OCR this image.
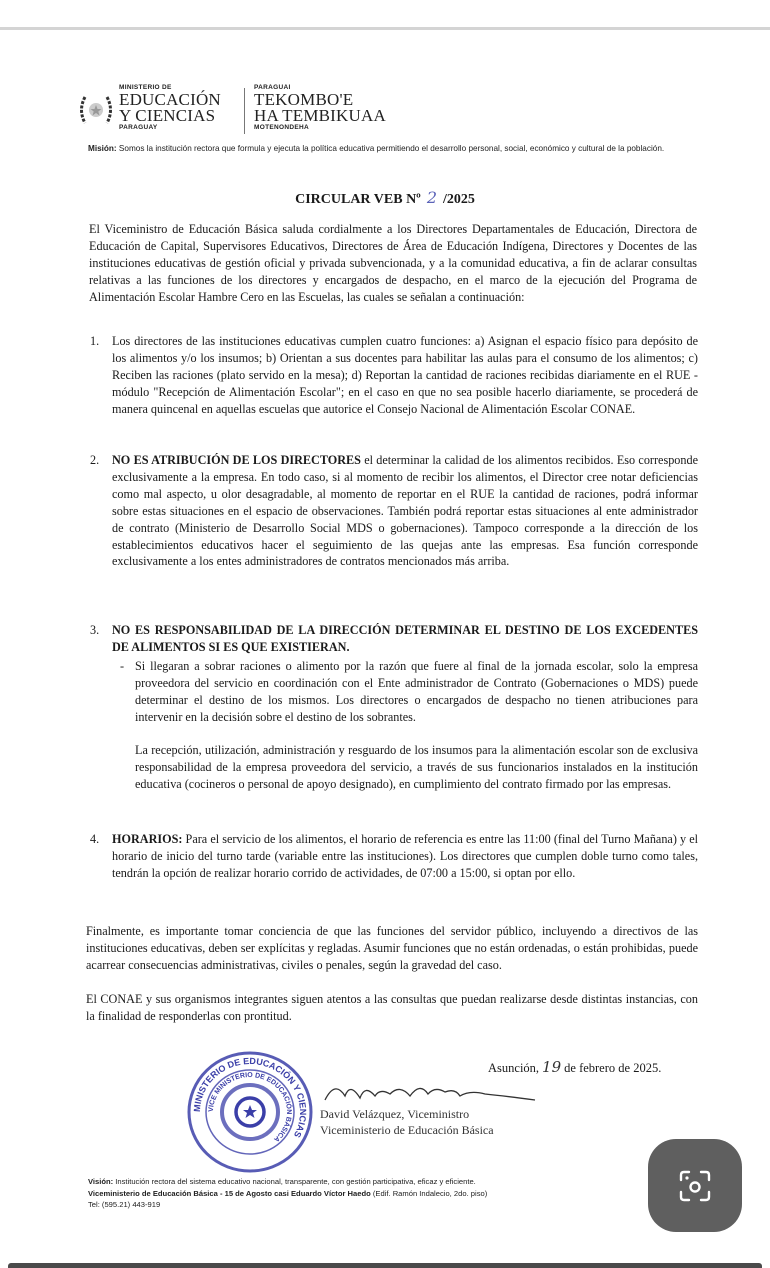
MINISTERIO DE
EDUCACIÓN
Y CIENCIAS
PARAGUAY
PARAGUAI
TEKOMBO'E
HA TEMBIKUAA
MOTENONDEHA
Misión: Somos la institución rectora que formula y ejecuta la política educativa permitiendo el desarrollo personal, social, económico y cultural de la población.
CIRCULAR VEB Nº 2 /2025
El Viceministro de Educación Básica saluda cordialmente a los Directores Departamentales de Educación, Directora de Educación de Capital, Supervisores Educativos, Directores de Área de Educación Indígena, Directores y Docentes de las instituciones educativas de gestión oficial y privada subvencionada, y a la comunidad educativa, a fin de aclarar consultas relativas a las funciones de los directores y encargados de despacho, en el marco de la ejecución del Programa de Alimentación Escolar Hambre Cero en las Escuelas, las cuales se señalan a continuación:
1. Los directores de las instituciones educativas cumplen cuatro funciones: a) Asignan el espacio físico para depósito de los alimentos y/o los insumos; b) Orientan a sus docentes para habilitar las aulas para el consumo de los alimentos; c) Reciben las raciones (plato servido en la mesa); d) Reportan la cantidad de raciones recibidas diariamente en el RUE - módulo "Recepción de Alimentación Escolar"; en el caso en que no sea posible hacerlo diariamente, se procederá de manera quincenal en aquellas escuelas que autorice el Consejo Nacional de Alimentación Escolar CONAE.
2. NO ES ATRIBUCIÓN DE LOS DIRECTORES el determinar la calidad de los alimentos recibidos. Eso corresponde exclusivamente a la empresa. En todo caso, si al momento de recibir los alimentos, el Director cree notar deficiencias como mal aspecto, u olor desagradable, al momento de reportar en el RUE la cantidad de raciones, podrá informar sobre estas situaciones en el espacio de observaciones. También podrá reportar estas situaciones al ente administrador de contrato (Ministerio de Desarrollo Social MDS o gobernaciones). Tampoco corresponde a la dirección de los establecimientos educativos hacer el seguimiento de las quejas ante las empresas. Esa función corresponde exclusivamente a los entes administradores de contratos mencionados más arriba.
3. NO ES RESPONSABILIDAD DE LA DIRECCIÓN DETERMINAR EL DESTINO DE LOS EXCEDENTES DE ALIMENTOS SI ES QUE EXISTIERAN.
- Si llegaran a sobrar raciones o alimento por la razón que fuere al final de la jornada escolar, solo la empresa proveedora del servicio en coordinación con el Ente administrador de Contrato (Gobernaciones o MDS) puede determinar el destino de los mismos. Los directores o encargados de despacho no tienen atribuciones para intervenir en la decisión sobre el destino de los sobrantes.
La recepción, utilización, administración y resguardo de los insumos para la alimentación escolar son de exclusiva responsabilidad de la empresa proveedora del servicio, a través de sus funcionarios instalados en la institución educativa (cocineros o personal de apoyo designado), en cumplimiento del contrato firmado por las empresas.
4. HORARIOS: Para el servicio de los alimentos, el horario de referencia es entre las 11:00 (final del Turno Mañana) y el horario de inicio del turno tarde (variable entre las instituciones). Los directores que cumplen doble turno como tales, tendrán la opción de realizar horario corrido de actividades, de 07:00 a 15:00, si optan por ello.
Finalmente, es importante tomar conciencia de que las funciones del servidor público, incluyendo a directivos de las instituciones educativas, deben ser explícitas y regladas. Asumir funciones que no están ordenadas, o están prohibidas, puede acarrear consecuencias administrativas, civiles o penales, según la gravedad del caso.
El CONAE y sus organismos integrantes siguen atentos a las consultas que puedan realizarse desde distintas instancias, con la finalidad de responderlas con prontitud.
Asunción, 19 de febrero de 2025.
MINISTERIO DE EDUCACIÓN Y CIENCIAS
VICE MINISTERIO DE EDUCACIÓN BÁSICA
David Velázquez, Viceministro
Viceministerio de Educación Básica
Visión: Institución rectora del sistema educativo nacional, transparente, con gestión participativa, eficaz y eficiente.
Viceministerio de Educación Básica - 15 de Agosto casi Eduardo Víctor Haedo (Edif. Ramón Indalecio, 2do. piso)
Tel: (595.21) 443-919
